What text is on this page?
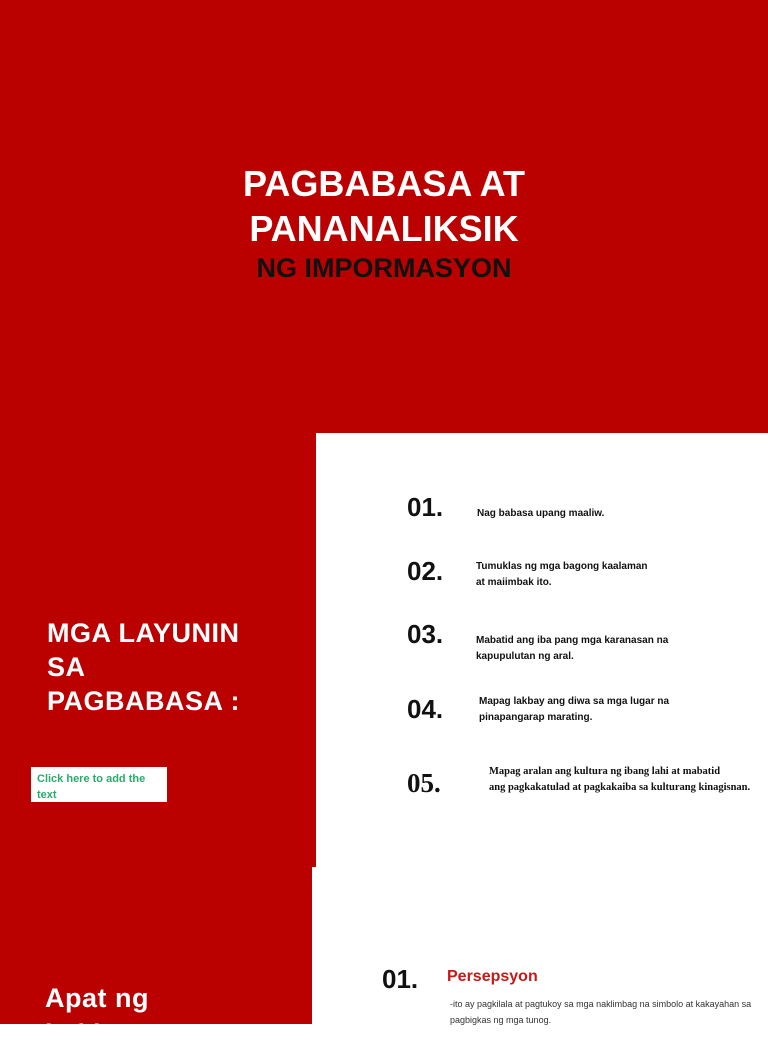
PAGBABASA AT
PANANALIKSIK
NG IMPORMASYON
MGA LAYUNIN
SA
PAGBABASA :
Click here to add the
text
01.	Nag babasa upang maaliw.
02.	Tumuklas ng mga bagong kaalaman
at maiimbak ito.
03.	Mabatid ang iba pang mga karanasan na
kapupulutan ng aral.
04.	Mapag lakbay ang diwa sa mga lugar na
pinapangarap marating.
05.	Mapag aralan ang kultura ng ibang lahi at mabatid
ang pagkakatulad at pagkakaiba sa kulturang kinagisnan.
Apat ng
hakbang
01. Persepsyon
-ito ay pagkilala at pagtukoy sa mga naklimbag na simbolo at kakayahan sa
pagbigkas ng mga tunog.
